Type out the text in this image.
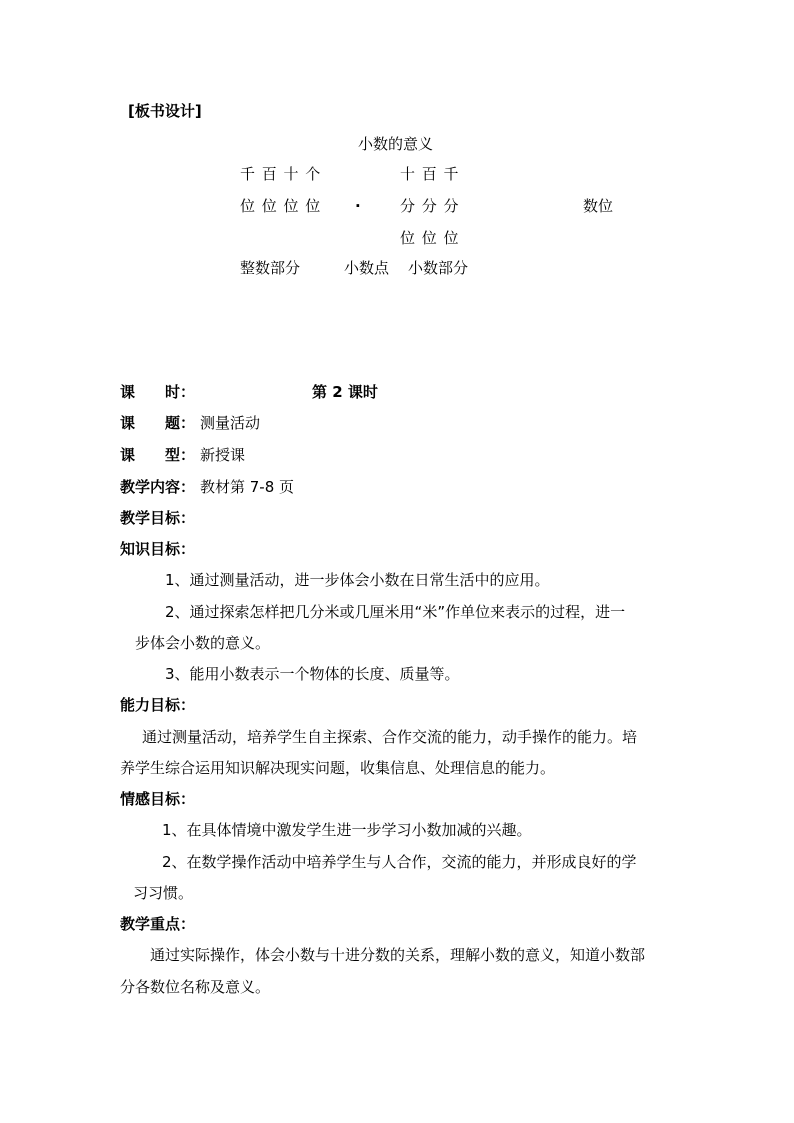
[板书设计]
小数的意义
千 百 十 个
位 位 位 位 ·
十 百 千
分 分 分
位 位 位
数位
整数部分	小数点 小数部分
课　　时：	第 2 课时
课　　题： 测量活动
课　　型： 新授课
教学内容： 教材第 7-8 页
教学目标：
知识目标：
1、通过测量活动，进一步体会小数在日常生活中的应用。
2、通过探索怎样把几分米或几厘米用“米”作单位来表示的过程，进一
步体会小数的意义。
3、能用小数表示一个物体的长度、质量等。
能力目标：
通过测量活动，培养学生自主探索、合作交流的能力，动手操作的能力。培
养学生综合运用知识解决现实问题，收集信息、处理信息的能力。
情感目标：
1、在具体情境中激发学生进一步学习小数加减的兴趣。
2、在数学操作活动中培养学生与人合作，交流的能力，并形成良好的学
习习惯。
教学重点：
通过实际操作，体会小数与十进分数的关系，理解小数的意义，知道小数部
分各数位名称及意义。
